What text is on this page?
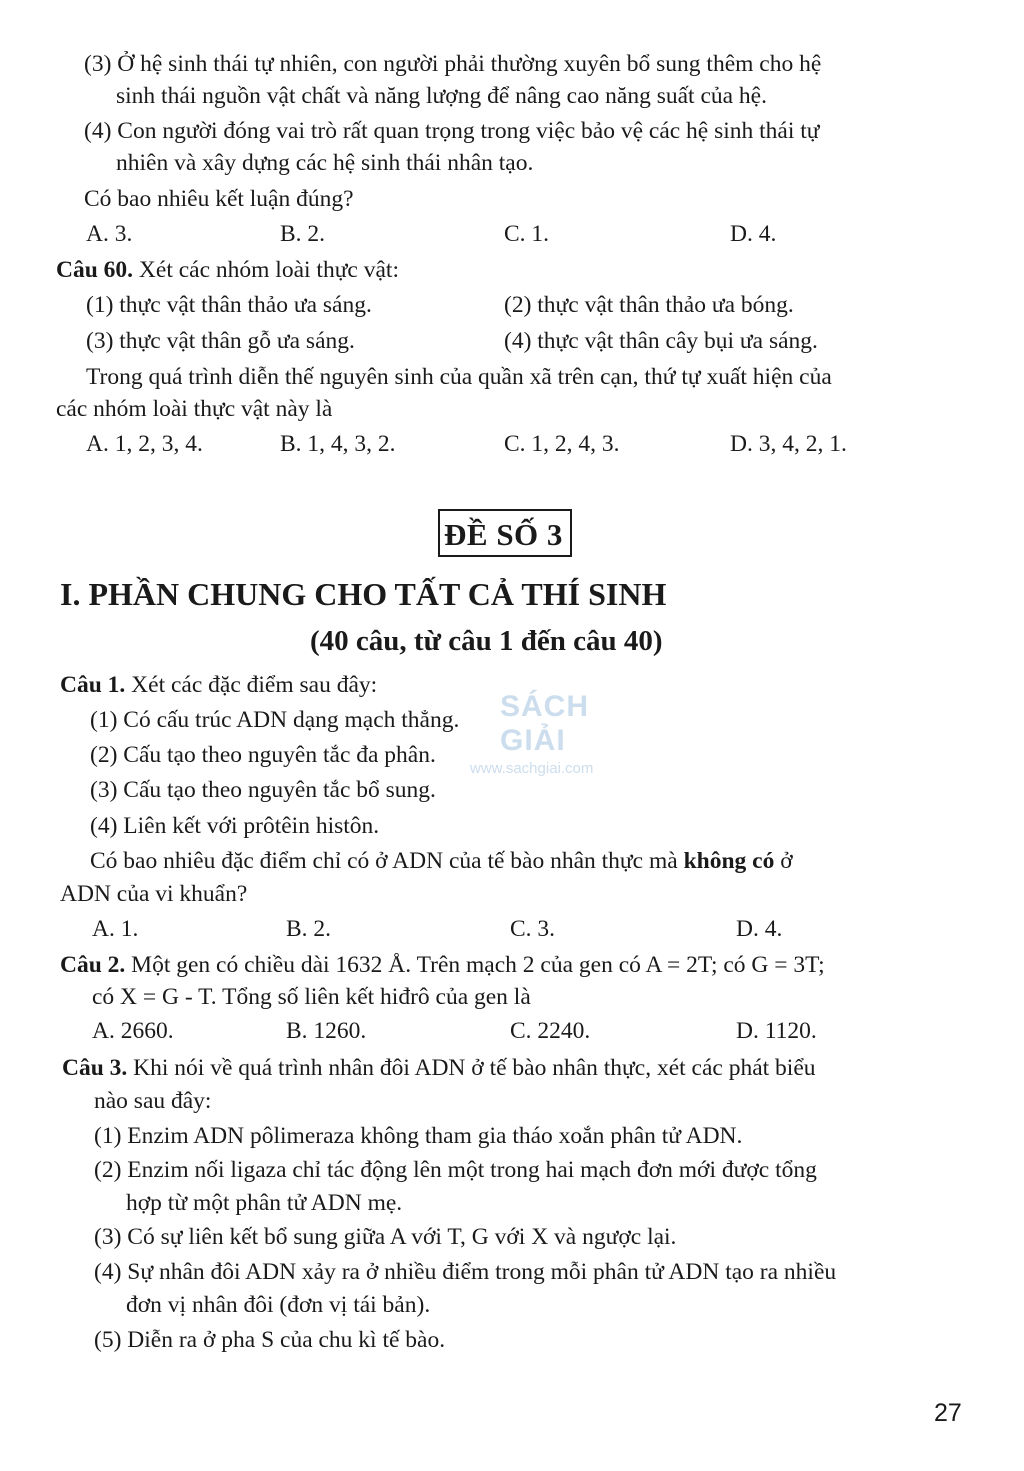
(3) Ở hệ sinh thái tự nhiên, con người phải thường xuyên bổ sung thêm cho hệ
sinh thái nguồn vật chất và năng lượng để nâng cao năng suất của hệ.
(4) Con người đóng vai trò rất quan trọng trong việc bảo vệ các hệ sinh thái tự
nhiên và xây dựng các hệ sinh thái nhân tạo.
Có bao nhiêu kết luận đúng?
A. 3.	B. 2.	C. 1.	D. 4.
Câu 60. Xét các nhóm loài thực vật:
(1) thực vật thân thảo ưa sáng.	(2) thực vật thân thảo ưa bóng.
(3) thực vật thân gỗ ưa sáng.	(4) thực vật thân cây bụi ưa sáng.
Trong quá trình diễn thế nguyên sinh của quần xã trên cạn, thứ tự xuất hiện của
các nhóm loài thực vật này là
A. 1, 2, 3, 4.	B. 1, 4, 3, 2.	C. 1, 2, 4, 3.	D. 3, 4, 2, 1.
ĐỀ SỐ 3
I. PHẦN CHUNG CHO TẤT CẢ THÍ SINH
(40 câu, từ câu 1 đến câu 40)
Câu 1. Xét các đặc điểm sau đây:
(1) Có cấu trúc ADN dạng mạch thẳng.
(2) Cấu tạo theo nguyên tắc đa phân.
(3) Cấu tạo theo nguyên tắc bổ sung.
(4) Liên kết với prôtêin histôn.
Có bao nhiêu đặc điểm chỉ có ở ADN của tế bào nhân thực mà không có ở
ADN của vi khuẩn?
A. 1.	B. 2.	C. 3.	D. 4.
Câu 2. Một gen có chiều dài 1632 Å. Trên mạch 2 của gen có A = 2T; có G = 3T;
có X = G - T. Tổng số liên kết hiđrô của gen là
A. 2660.	B. 1260.	C. 2240.	D. 1120.
Câu 3. Khi nói về quá trình nhân đôi ADN ở tế bào nhân thực, xét các phát biểu
nào sau đây:
(1) Enzim ADN pôlimeraza không tham gia tháo xoắn phân tử ADN.
(2) Enzim nối ligaza chỉ tác động lên một trong hai mạch đơn mới được tổng
hợp từ một phân tử ADN mẹ.
(3) Có sự liên kết bổ sung giữa A với T, G với X và ngược lại.
(4) Sự nhân đôi ADN xảy ra ở nhiều điểm trong mỗi phân tử ADN tạo ra nhiều
đơn vị nhân đôi (đơn vị tái bản).
(5) Diễn ra ở pha S của chu kì tế bào.
SÁCH GIẢI
www.sachgiai.com
27
